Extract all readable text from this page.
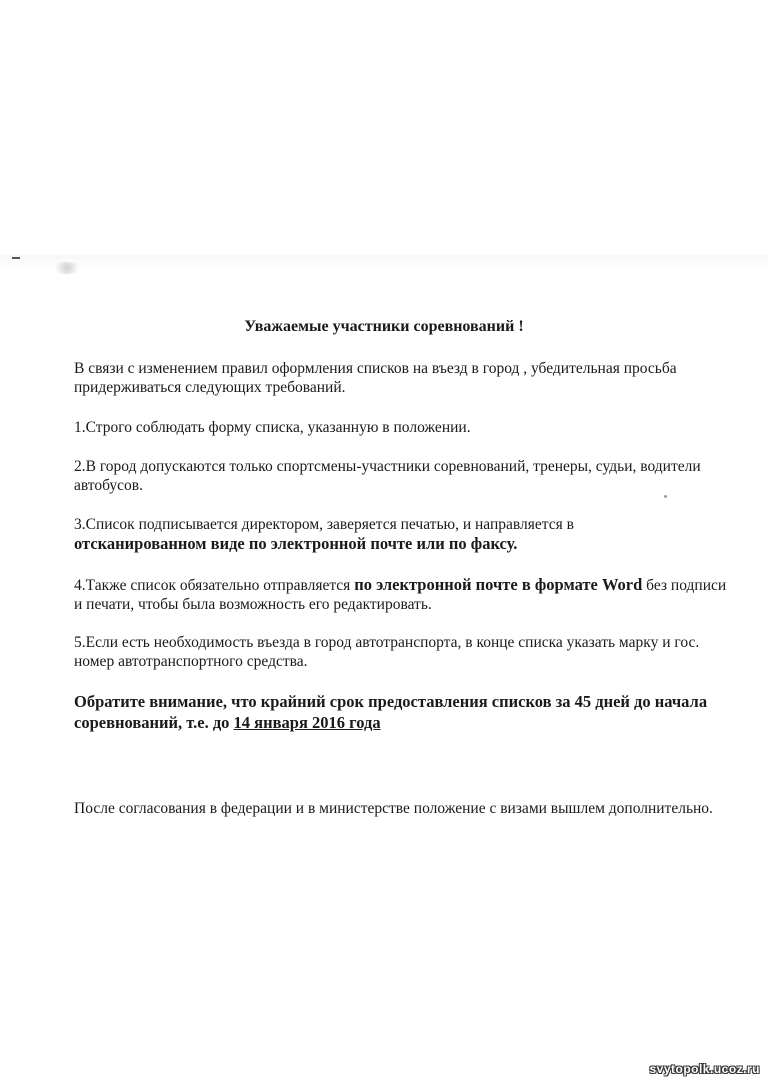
Уважаемые участники соревнований !

В связи с изменением правил оформления списков на въезд в город , убедительная просьба придерживаться следующих требований.

1.Строго соблюдать форму списка, указанную в положении.

2.В город допускаются только спортсмены-участники соревнований, тренеры, судьи, водители автобусов.

3.Список подписывается директором, заверяется печатью, и направляется в
отсканированном виде по электронной почте или по факсу.

4.Также список обязательно отправляется по электронной почте в формате Word без подписи и печати, чтобы была возможность его редактировать.

5.Если есть необходимость въезда в город автотранспорта, в конце списка указать марку и гос. номер автотранспортного средства.

Обратите внимание, что крайний срок предоставления списков за 45 дней до начала соревнований, т.е. до 14 января 2016 года

После согласования в федерации и в министерстве положение с визами вышлем дополнительно.

svytopolk.ucoz.ru
